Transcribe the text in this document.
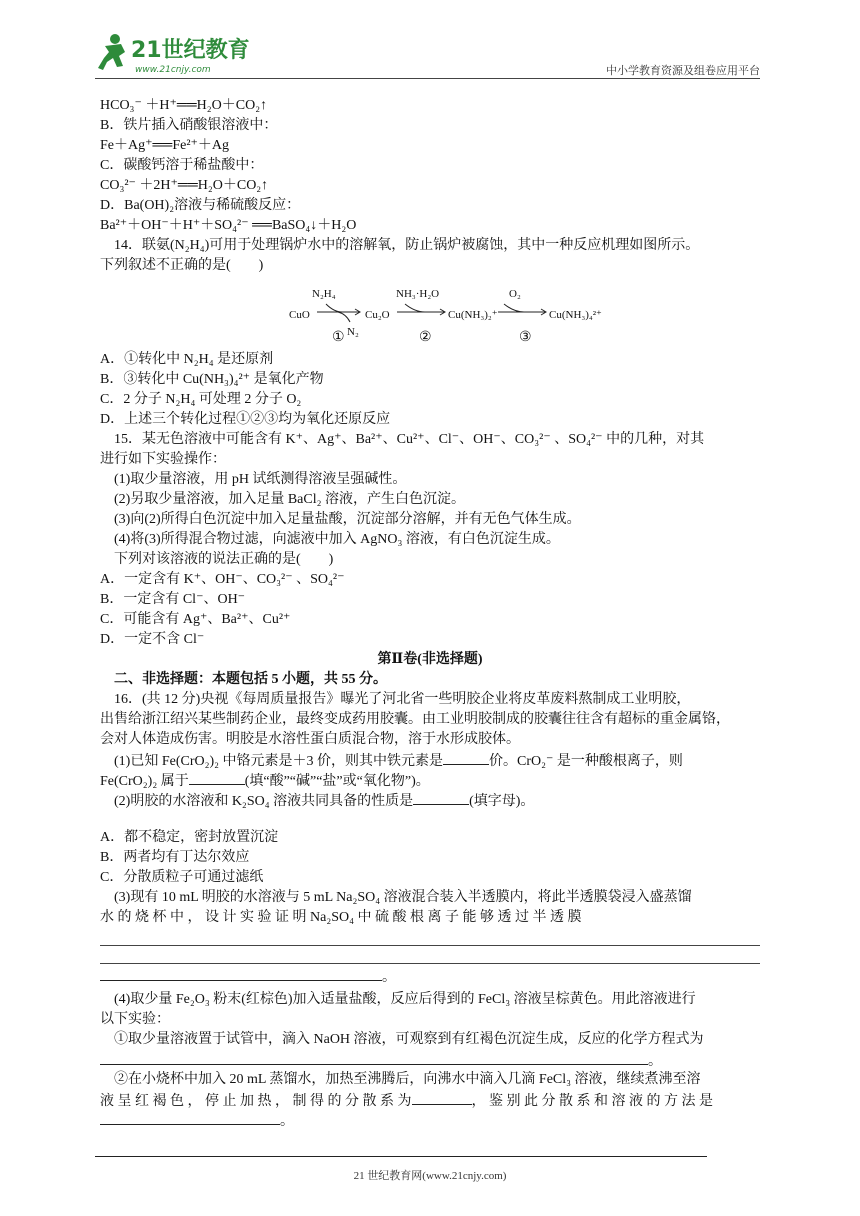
21世纪教育
www.21cnjy.com	中小学教育资源及组卷应用平台
HCO₃⁻ ＋H⁺══H₂O＋CO₂↑
B．铁片插入硝酸银溶液中：
Fe＋Ag⁺══Fe²⁺＋Ag
C．碳酸钙溶于稀盐酸中：
CO₃²⁻ ＋2H⁺══H₂O＋CO₂↑
D．Ba(OH)₂溶液与稀硫酸反应：
Ba²⁺＋OH⁻＋H⁺＋SO₄²⁻ ══BaSO₄↓＋H₂O
14．联氨(N₂H₄)可用于处理锅炉水中的溶解氧，防止锅炉被腐蚀，其中一种反应机理如图所示。
下列叙述不正确的是(　　)
CuO
N₂H₄
Cu₂O
N₂
NH₃·H₂O
Cu(NH₃)₂⁺
O₂
Cu(NH₃)₄²⁺
①	②	③
A．①转化中 N₂H₄ 是还原剂
B．③转化中 Cu(NH₃)₄²⁺ 是氧化产物
C．2 分子 N₂H₄ 可处理 2 分子 O₂
D．上述三个转化过程①②③均为氧化还原反应
15．某无色溶液中可能含有 K⁺、Ag⁺、Ba²⁺、Cu²⁺、Cl⁻、OH⁻、CO₃²⁻ 、SO₄²⁻ 中的几种，对其
进行如下实验操作：
(1)取少量溶液，用 pH 试纸测得溶液呈强碱性。
(2)另取少量溶液，加入足量 BaCl₂ 溶液，产生白色沉淀。
(3)向(2)所得白色沉淀中加入足量盐酸，沉淀部分溶解，并有无色气体生成。
(4)将(3)所得混合物过滤，向滤液中加入 AgNO₃ 溶液，有白色沉淀生成。
下列对该溶液的说法正确的是(　　)
A．一定含有 K⁺、OH⁻、CO₃²⁻ 、SO₄²⁻
B．一定含有 Cl⁻、OH⁻
C．可能含有 Ag⁺、Ba²⁺、Cu²⁺
D．一定不含 Cl⁻
第Ⅱ卷(非选择题)
二、非选择题：本题包括 5 小题，共 55 分。
16．(共 12 分)央视《每周质量报告》曝光了河北省一些明胶企业将皮革废料熬制成工业明胶，
出售给浙江绍兴某些制药企业，最终变成药用胶囊。由工业明胶制成的胶囊往往含有超标的重金属铬，
会对人体造成伤害。明胶是水溶性蛋白质混合物，溶于水形成胶体。
(1)已知 Fe(CrO₂)₂ 中铬元素是＋3 价，则其中铁元素是	价。CrO₂⁻ 是一种酸根离子，则
Fe(CrO₂)₂ 属于	(填“酸”“碱”“盐”或“氧化物”)。
(2)明胶的水溶液和 K₂SO₄ 溶液共同具备的性质是	(填字母)。
A．都不稳定，密封放置沉淀
B．两者均有丁达尔效应
C．分散质粒子可通过滤纸
(3)现有 10 mL 明胶的水溶液与 5 mL Na₂SO₄ 溶液混合装入半透膜内，将此半透膜袋浸入盛蒸馏
水 的 烧 杯 中 ， 设 计 实 验 证 明 Na₂SO₄ 中 硫 酸 根 离 子 能 够 透 过 半 透 膜
。
(4)取少量 Fe₂O₃ 粉末(红棕色)加入适量盐酸，反应后得到的 FeCl₃ 溶液呈棕黄色。用此溶液进行
以下实验：
①取少量溶液置于试管中，滴入 NaOH 溶液，可观察到有红褐色沉淀生成，反应的化学方程式为
。
②在小烧杯中加入 20 mL 蒸馏水，加热至沸腾后，向沸水中滴入几滴 FeCl₃ 溶液，继续煮沸至溶
液 呈 红 褐 色 ， 停 止 加 热 ， 制 得 的 分 散 系 为	， 鉴 别 此 分 散 系 和 溶 液 的 方 法 是
。
21 世纪教育网(www.21cnjy.com)
